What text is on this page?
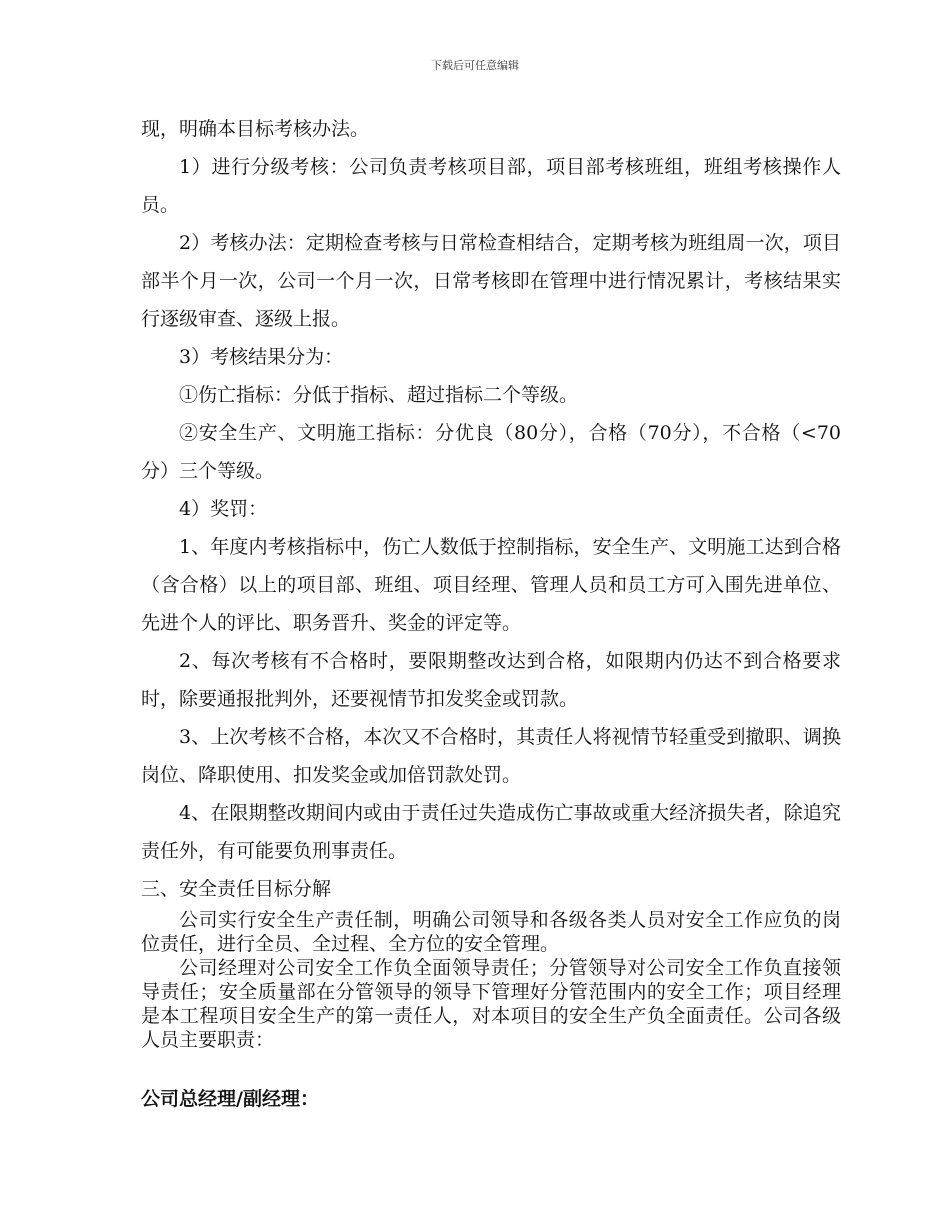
下载后可任意编辑

现，明确本目标考核办法。

1）进行分级考核：公司负责考核项目部，项目部考核班组，班组考核操作人员。

2）考核办法：定期检查考核与日常检查相结合，定期考核为班组周一次，项目部半个月一次，公司一个月一次，日常考核即在管理中进行情况累计，考核结果实行逐级审查、逐级上报。

3）考核结果分为：

①伤亡指标：分低于指标、超过指标二个等级。

②安全生产、文明施工指标：分优良（80分），合格（70分），不合格（<70分）三个等级。

4）奖罚：

1、年度内考核指标中，伤亡人数低于控制指标，安全生产、文明施工达到合格（含合格）以上的项目部、班组、项目经理、管理人员和员工方可入围先进单位、先进个人的评比、职务晋升、奖金的评定等。

2、每次考核有不合格时，要限期整改达到合格，如限期内仍达不到合格要求时，除要通报批判外，还要视情节扣发奖金或罚款。

3、上次考核不合格，本次又不合格时，其责任人将视情节轻重受到撤职、调换岗位、降职使用、扣发奖金或加倍罚款处罚。

4、在限期整改期间内或由于责任过失造成伤亡事故或重大经济损失者，除追究责任外，有可能要负刑事责任。

三、安全责任目标分解

公司实行安全生产责任制，明确公司领导和各级各类人员对安全工作应负的岗位责任，进行全员、全过程、全方位的安全管理。

公司经理对公司安全工作负全面领导责任；分管领导对公司安全工作负直接领导责任；安全质量部在分管领导的领导下管理好分管范围内的安全工作；项目经理是本工程项目安全生产的第一责任人，对本项目的安全生产负全面责任。公司各级人员主要职责：

公司总经理/副经理：
